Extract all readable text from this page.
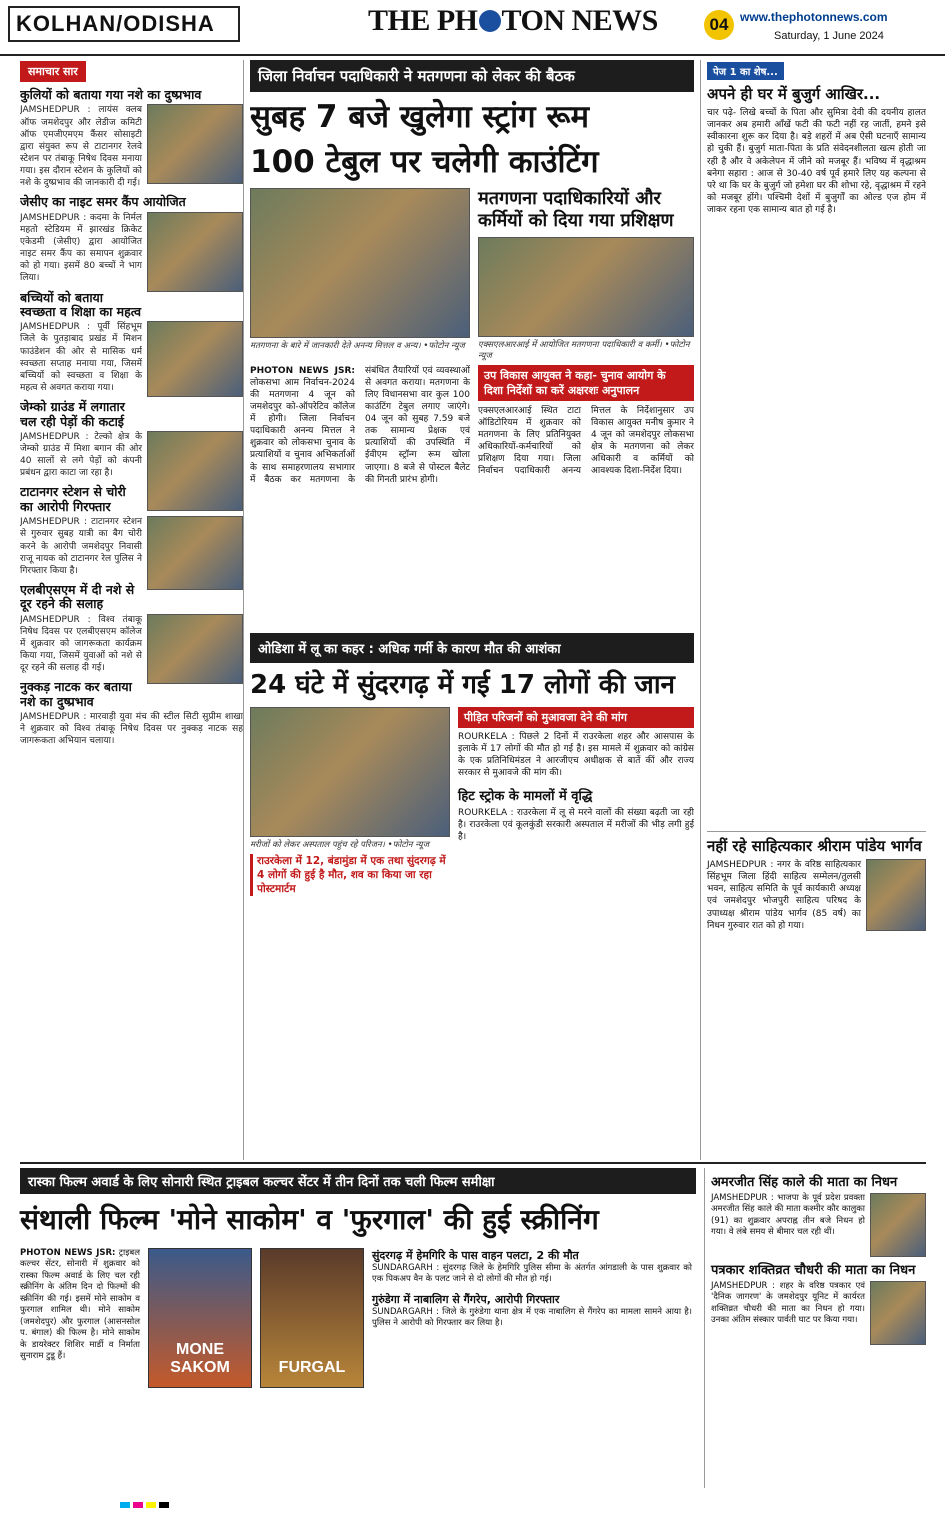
KOLHAN/ODISHA	THE PH TON NEWS	04 www.thephotonnews.com
Saturday, 1 June 2024
समाचार सार
कुलियों को बताया गया नशे का दुष्प्रभाव

JAMSHEDPUR : लायंस क्लब ऑफ जमशेदपुर और लेडीज कमिटी ऑफ एमजीएमएम कैंसर सोसाइटी द्वारा संयुक्त रूप से टाटानगर रेलवे स्टेशन पर तंबाकू निषेध दिवस मनाया गया। इस दौरान स्टेशन के कुलियों को नशे के दुष्प्रभाव की जानकारी दी गई।

जेसीए का नाइट समर कैंप आयोजित

JAMSHEDPUR : कदमा के निर्मल महतो स्टेडियम में झारखंड क्रिकेट एकेडमी (जेसीए) द्वारा आयोजित नाइट समर कैंप का समापन शुक्रवार को हो गया। इसमें 80 बच्चों ने भाग लिया।

बच्चियों को बताया स्वच्छता व शिक्षा का महत्व

JAMSHEDPUR : पूर्वी सिंहभूम जिले के पुतड़ाबाद प्रखंड में मिशन फाउंडेशन की ओर से मासिक धर्म स्वच्छता सप्ताह मनाया गया, जिसमें बच्चियों को स्वच्छता व शिक्षा के महत्व से अवगत कराया गया।

जेम्को ग्राउंड में लगातार चल रही पेड़ों की कटाई

JAMSHEDPUR : टेल्को क्षेत्र के जेम्को ग्राउंड में मिशा बगान की ओर 40 सालों से लगे पेड़ों को कंपनी प्रबंधन द्वारा काटा जा रहा है।

टाटानगर स्टेशन से चोरी का आरोपी गिरफ्तार

JAMSHEDPUR : टाटानगर स्टेशन से गुरुवार सुबह यात्री का बैग चोरी करने के आरोपी जमशेदपुर निवासी राजू नायक को टाटानगर रेल पुलिस ने गिरफ्तार किया है।

एलबीएसएम में दी नशे से दूर रहने की सलाह

JAMSHEDPUR : विश्व तंबाकू निषेध दिवस पर एलबीएसएम कॉलेज में शुक्रवार को जागरूकता कार्यक्रम किया गया, जिसमें युवाओं को नशे से दूर रहने की सलाह दी गई।

नुक्कड़ नाटक कर बताया नशे का दुष्प्रभाव

JAMSHEDPUR : मारवाड़ी युवा मंच की स्टील सिटी सुप्रीम शाखा ने शुक्रवार को विश्व तंबाकू निषेध दिवस पर नुक्कड़ नाटक सह जागरूकता अभियान चलाया।

जिला निर्वाचन पदाधिकारी ने मतगणना को लेकर की बैठक
सुबह 7 बजे खुलेगा स्ट्रांग रूम
100 टेबुल पर चलेगी काउंटिंग
मतगणना के बारे में जानकारी देते अनन्य मित्तल व अन्य। •फोटोन न्यूज
मतगणना पदाधिकारियों और कर्मियों को दिया गया प्रशिक्षण
एक्सएलआरआई में आयोजित मतगणना पदाधिकारी व कर्मी। •फोटोन न्यूज
PHOTON NEWS JSR: लोकसभा आम निर्वाचन-2024 की मतगणना 4 जून को जमशेदपुर को-ऑपरेटिव कॉलेज में होगी। जिला निर्वाचन पदाधिकारी अनन्य मित्तल ने शुक्रवार को लोकसभा चुनाव के प्रत्याशियों व चुनाव अभिकर्ताओं के साथ समाहरणालय सभागार में बैठक कर मतगणना के संबंधित तैयारियों एवं व्यवस्थाओं से अवगत कराया। मतगणना के लिए विधानसभा वार कुल 100 काउंटिंग टेबुल लगाए जाएंगे। 04 जून को सुबह 7.59 बजे तक सामान्य प्रेक्षक एवं प्रत्याशियों की उपस्थिति में ईवीएम स्ट्रॉन्ग रूम खोला जाएगा। 8 बजे से पोस्टल बैलेट की गिनती प्रारंभ होगी।
उप विकास आयुक्त ने कहा- चुनाव आयोग के दिशा निर्देशों का करें अक्षरशः अनुपालन
एक्सएलआरआई स्थित टाटा ऑडिटोरियम में शुक्रवार को मतगणना के लिए प्रतिनियुक्त अधिकारियों-कर्मचारियों को प्रशिक्षण दिया गया। जिला निर्वाचन पदाधिकारी अनन्य मित्तल के निर्देशानुसार उप विकास आयुक्त मनीष कुमार ने 4 जून को जमशेदपुर लोकसभा क्षेत्र के मतगणना को लेकर अधिकारी व कर्मियों को आवश्यक दिशा-निर्देश दिया।
ओडिशा में लू का कहर : अधिक गर्मी के कारण मौत की आशंका
24 घंटे में सुंदरगढ़ में गई 17 लोगों की जान
मरीजों को लेकर अस्पताल पहुंच रहे परिजन। •फोटोन न्यूज
राउरकेला में 12, बंडामुंडा में एक तथा सुंदरगढ़ में 4 लोगों की हुई है मौत, शव का किया जा रहा पोस्टमार्टम
पीड़ित परिजनों को मुआवजा देने की मांग

ROURKELA : पिछले 2 दिनों में राउरकेला शहर और आसपास के इलाके में 17 लोगों की मौत हो गई है। इस मामले में शुक्रवार को कांग्रेस के एक प्रतिनिधिमंडल ने आरजीएच अधीक्षक से बातें कीं और राज्य सरकार से मुआवजे की मांग की।

हिट स्ट्रोक के मामलों में वृद्धि

ROURKELA : राउरकेला में लू से मरने वालों की संख्या बढ़ती जा रही है। राउरकेला एवं कूलकुंडी सरकारी अस्पताल में मरीजों की भीड़ लगी हुई है।

पेज 1 का शेष...
अपने ही घर में बुजुर्ग आखिर...
चार पढ़े- लिखे बच्चों के पिता और सुमित्रा देवी की दयनीय हालत जानकर अब हमारी आँखें फटी की फटी नहीं रह जातीं, हमने इसे स्वीकारना शुरू कर दिया है। बड़े शहरों में अब ऐसी घटनाएँ सामान्य हो चुकी हैं। बुजुर्ग माता-पिता के प्रति संवेदनशीलता खत्म होती जा रही है और वे अकेलेपन में जीने को मजबूर हैं। भविष्य में वृद्धाश्रम बनेगा सहारा : आज से 30-40 वर्ष पूर्व हमारे लिए यह कल्पना से परे था कि घर के बुजुर्ग जो हमेशा घर की शोभा रहे, वृद्धाश्रम में रहने को मजबूर होंगे। पश्चिमी देशों में बुजुर्गों का ओल्ड एज होम में जाकर रहना एक सामान्य बात हो गई है।
नहीं रहे साहित्यकार श्रीराम पांडेय भार्गव
JAMSHEDPUR : नगर के वरिष्ठ साहित्यकार सिंहभूम जिला हिंदी साहित्य सम्मेलन/तुलसी भवन, साहित्य समिति के पूर्व कार्यकारी अध्यक्ष एवं जमशेदपुर भोजपुरी साहित्य परिषद के उपाध्यक्ष श्रीराम पांडेय भार्गव (85 वर्ष) का निधन गुरुवार रात को हो गया।
रास्का फिल्म अवार्ड के लिए सोनारी स्थित ट्राइबल कल्चर सेंटर में तीन दिनों तक चली फिल्म समीक्षा
संथाली फिल्म 'मोने साकोम' व 'फुरगाल' की हुई स्क्रीनिंग
PHOTON NEWS JSR: ट्राइबल कल्चर सेंटर, सोनारी में शुक्रवार को रास्का फिल्म अवार्ड के लिए चल रही स्क्रीनिंग के अंतिम दिन दो फिल्मों की स्क्रीनिंग की गई। इसमें मोने साकोम व फुरगाल शामिल थी। मोने साकोम (जमशेदपुर) और फुरगाल (आसनसोल प. बंगाल) की फिल्म है। मोने साकोम के डायरेक्टर शिशिर मार्डी व निर्माता सुनाराम टुडू हैं।	MONE SAKOM	FURGAL
सुंदरगढ़ में हेमगिरि के पास वाहन पलटा, 2 की मौत

SUNDARGARH : सुंदरगढ़ जिले के हेमगिरि पुलिस सीमा के अंतर्गत आंगडाली के पास शुक्रवार को एक पिकअप वैन के पलट जाने से दो लोगों की मौत हो गई।

गुरुंडेगा में नाबालिग से गैंगरेप, आरोपी गिरफ्तार

SUNDARGARH : जिले के गुरुंडेगा थाना क्षेत्र में एक नाबालिग से गैंगरेप का मामला सामने आया है। पुलिस ने आरोपी को गिरफ्तार कर लिया है।

अमरजीत सिंह काले की माता का निधन
JAMSHEDPUR : भाजपा के पूर्व प्रदेश प्रवक्ता अमरजीत सिंह काले की माता कश्मीर कौर कालुका (91) का शुक्रवार अपराह्न तीन बजे निधन हो गया। वे लंबे समय से बीमार चल रही थीं।
पत्रकार शक्तिव्रत चौधरी की माता का निधन
JAMSHEDPUR : शहर के वरिष्ठ पत्रकार एवं 'दैनिक जागरण' के जमशेदपुर यूनिट में कार्यरत शक्तिव्रत चौधरी की माता का निधन हो गया। उनका अंतिम संस्कार पार्वती घाट पर किया गया।
